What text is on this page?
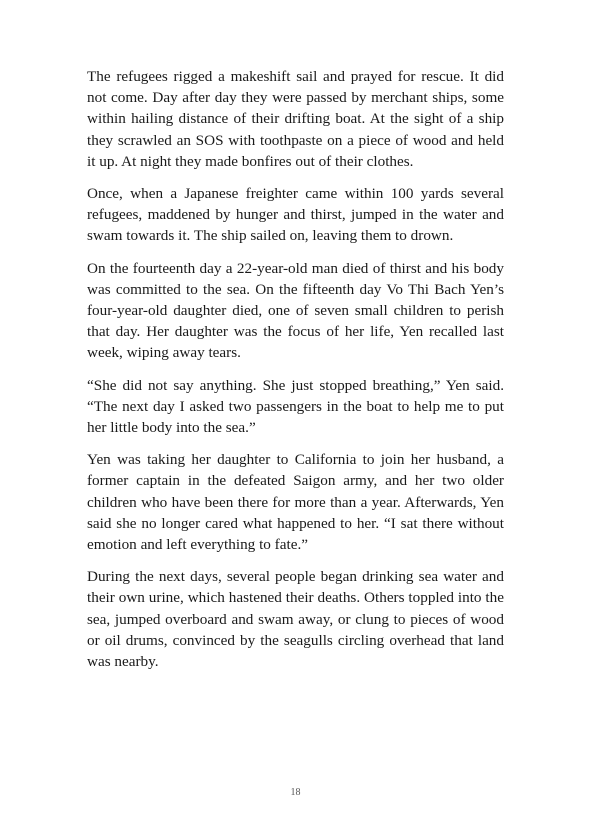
The refugees rigged a makeshift sail and prayed for rescue. It did not come. Day after day they were passed by merchant ships, some within hailing distance of their drifting boat. At the sight of a ship they scrawled an SOS with toothpaste on a piece of wood and held it up. At night they made bonfires out of their clothes.

Once, when a Japanese freighter came within 100 yards several refugees, maddened by hunger and thirst, jumped in the water and swam towards it. The ship sailed on, leaving them to drown.

On the fourteenth day a 22-year-old man died of thirst and his body was committed to the sea. On the fifteenth day Vo Thi Bach Yen’s four-year-old daughter died, one of seven small children to perish that day. Her daughter was the focus of her life, Yen recalled last week, wiping away tears.

“She did not say anything. She just stopped breathing,” Yen said. “The next day I asked two passengers in the boat to help me to put her little body into the sea.”

Yen was taking her daughter to California to join her husband, a former captain in the defeated Saigon army, and her two older children who have been there for more than a year. Afterwards, Yen said she no longer cared what happened to her. “I sat there without emotion and left everything to fate.”

During the next days, several people began drinking sea water and their own urine, which hastened their deaths. Others toppled into the sea, jumped overboard and swam away, or clung to pieces of wood or oil drums, convinced by the seagulls circling overhead that land was nearby.

18
